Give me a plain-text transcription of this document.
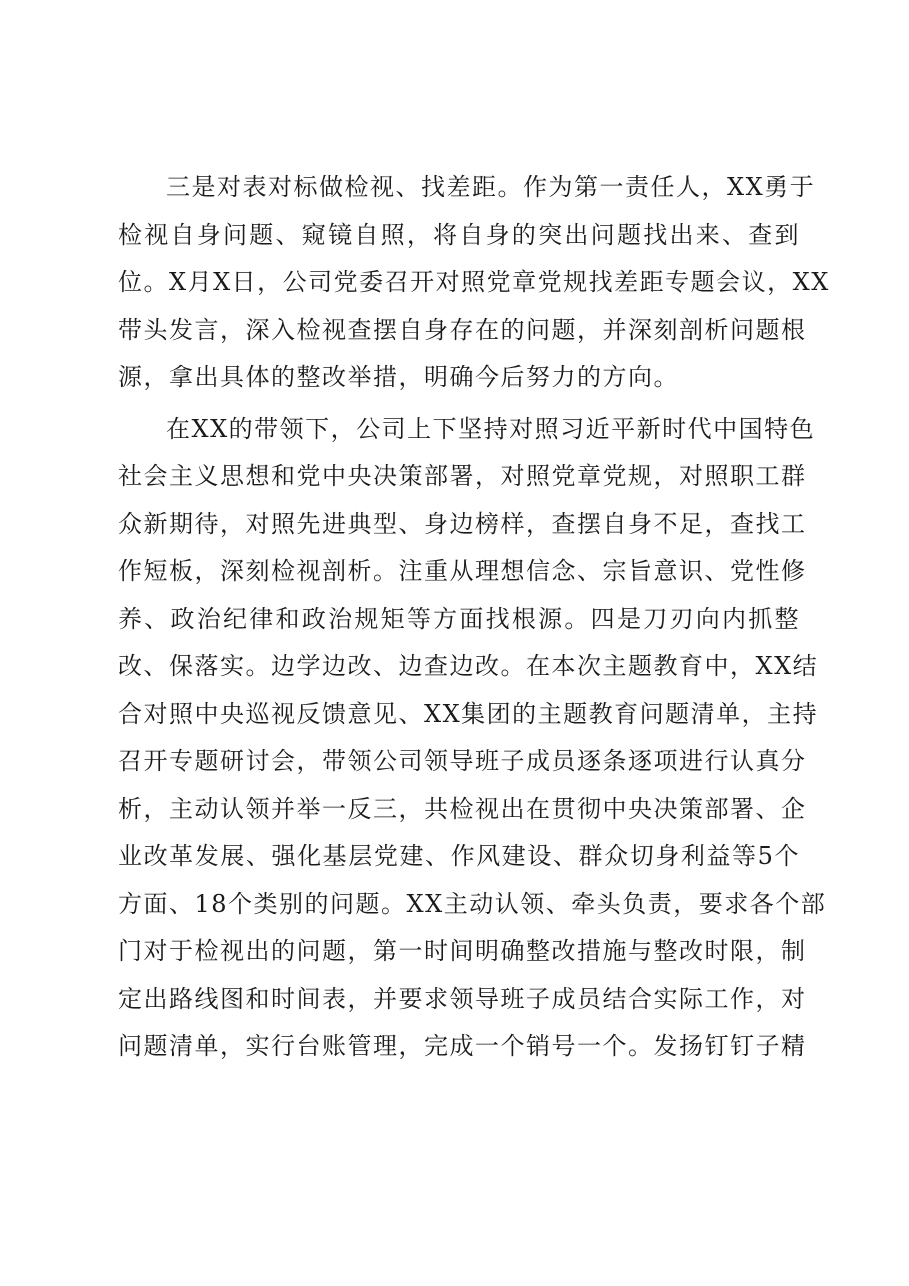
三是对表对标做检视、找差距。作为第一责任人，XX勇于
检视自身问题、窥镜自照，将自身的突出问题找出来、查到
位。X月X日，公司党委召开对照党章党规找差距专题会议，XX
带头发言，深入检视查摆自身存在的问题，并深刻剖析问题根
源，拿出具体的整改举措，明确今后努力的方向。
在XX的带领下，公司上下坚持对照习近平新时代中国特色
社会主义思想和党中央决策部署，对照党章党规，对照职工群
众新期待，对照先进典型、身边榜样，查摆自身不足，查找工
作短板，深刻检视剖析。注重从理想信念、宗旨意识、党性修
养、政治纪律和政治规矩等方面找根源。四是刀刃向内抓整
改、保落实。边学边改、边查边改。在本次主题教育中，XX结
合对照中央巡视反馈意见、XX集团的主题教育问题清单，主持
召开专题研讨会，带领公司领导班子成员逐条逐项进行认真分
析，主动认领并举一反三，共检视出在贯彻中央决策部署、企
业改革发展、强化基层党建、作风建设、群众切身利益等5个
方面、18个类别的问题。XX主动认领、牵头负责，要求各个部
门对于检视出的问题，第一时间明确整改措施与整改时限，制
定出路线图和时间表，并要求领导班子成员结合实际工作，对
问题清单，实行台账管理，完成一个销号一个。发扬钉钉子精
